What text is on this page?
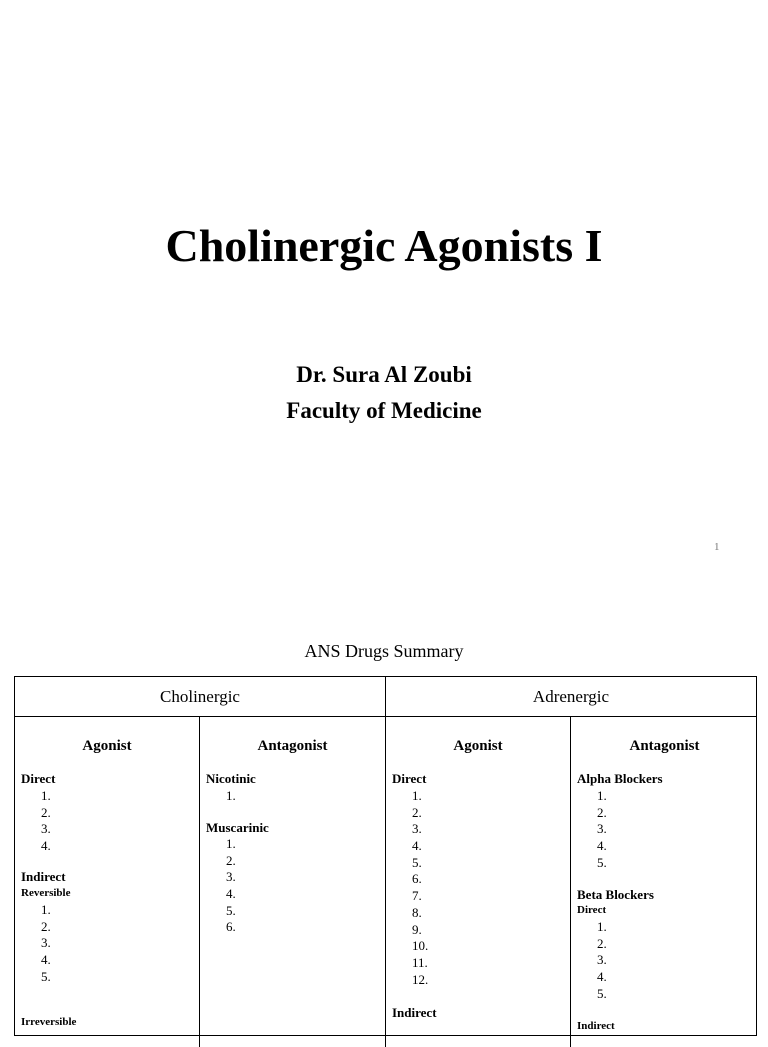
Cholinergic Agonists I
Dr. Sura Al Zoubi
Faculty of Medicine
1
ANS Drugs Summary
Cholinergic	Adrenergic
Agonist
Direct
1.
2.
3.
4.
Indirect
Reversible
1.
2.
3.
4.
5.
Irreversible
Antagonist
Nicotinic
1.
Muscarinic
1.
2.
3.
4.
5.
6.
Agonist
Direct
1.
2.
3.
4.
5.
6.
7.
8.
9.
10.
11.
12.
Indirect
Antagonist
Alpha Blockers
1.
2.
3.
4.
5.
Beta Blockers
Direct
1.
2.
3.
4.
5.
Indirect
